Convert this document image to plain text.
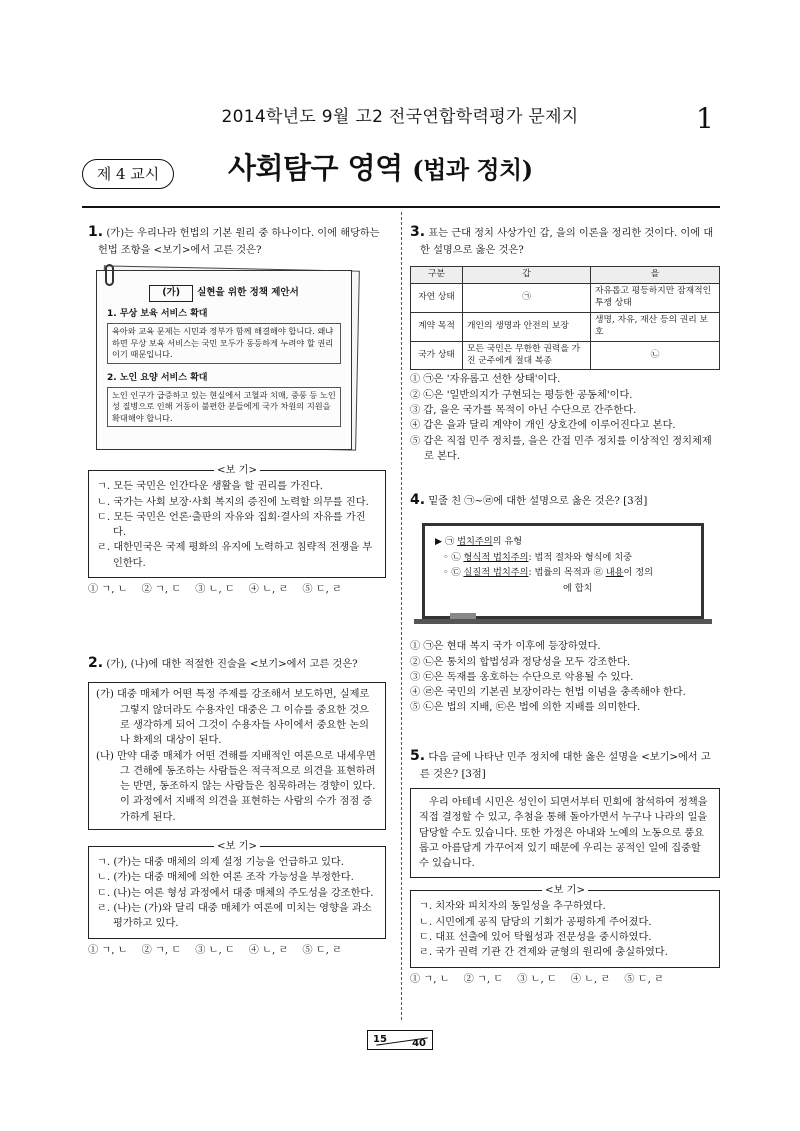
2014학년도 9월 고2 전국연합학력평가 문제지	1
제 4 교시	사회탐구 영역 (법과 정치)
1. (가)는 우리나라 헌법의 기본 원리 중 하나이다. 이에 해당하는 헌법 조항을 <보기>에서 고른 것은?
(가) 실현을 위한 정책 제안서
1. 무상 보육 서비스 확대
육아와 교육 문제는 시민과 정부가 함께 해결해야 합니다. 왜냐하면 무상 보육 서비스는 국민 모두가 동등하게 누려야 할 권리이기 때문입니다.
2. 노인 요양 서비스 확대
노인 인구가 급증하고 있는 현실에서 고혈과 치매, 중풍 등 노인성 질병으로 인해 거동이 불편한 분들에게 국가 차원의 지원을 확대해야 합니다.
<보 기>
ㄱ. 모든 국민은 인간다운 생활을 할 권리를 가진다.
ㄴ. 국가는 사회 보장·사회 복지의 증진에 노력할 의무를 진다.
ㄷ. 모든 국민은 언론·출판의 자유와 집회·결사의 자유를 가진다.
ㄹ. 대한민국은 국제 평화의 유지에 노력하고 침략적 전쟁을 부인한다.
① ㄱ, ㄴ ② ㄱ, ㄷ ③ ㄴ, ㄷ ④ ㄴ, ㄹ ⑤ ㄷ, ㄹ
2. (가), (나)에 대한 적절한 진술을 <보기>에서 고른 것은?
(가) 대중 매체가 어떤 특정 주제를 강조해서 보도하면, 실제로 그렇지 않더라도 수용자인 대중은 그 이슈를 중요한 것으로 생각하게 되어 그것이 수용자들 사이에서 중요한 논의나 화제의 대상이 된다.
(나) 만약 대중 매체가 어떤 견해를 지배적인 여론으로 내세우면 그 견해에 동조하는 사람들은 적극적으로 의견을 표현하려는 반면, 동조하지 않는 사람들은 침묵하려는 경향이 있다. 이 과정에서 지배적 의견을 표현하는 사람의 수가 점점 증가하게 된다.
<보 기>
ㄱ. (가)는 대중 매체의 의제 설정 기능을 언급하고 있다.
ㄴ. (가)는 대중 매체에 의한 여론 조작 가능성을 부정한다.
ㄷ. (나)는 여론 형성 과정에서 대중 매체의 주도성을 강조한다.
ㄹ. (나)는 (가)와 달리 대중 매체가 여론에 미치는 영향을 과소평가하고 있다.
① ㄱ, ㄴ ② ㄱ, ㄷ ③ ㄴ, ㄷ ④ ㄴ, ㄹ ⑤ ㄷ, ㄹ
3. 표는 근대 정치 사상가인 갑, 을의 이론을 정리한 것이다. 이에 대한 설명으로 옳은 것은?
구분	갑	을
자연 상태	㉠	자유롭고 평등하지만 잠재적인 투쟁 상태
계약 목적	개인의 생명과 안전의 보장	생명, 자유, 재산 등의 권리 보호
국가 상태	모든 국민은 무한한 권력을 가진 군주에게 절대 복종	㉡
① ㉠은 '자유롭고 선한 상태'이다.
② ㉡은 '일반의지가 구현되는 평등한 공동체'이다.
③ 갑, 을은 국가를 목적이 아닌 수단으로 간주한다.
④ 갑은 을과 달리 계약이 개인 상호간에 이루어진다고 본다.
⑤ 갑은 직접 민주 정치를, 을은 간접 민주 정치를 이상적인 정치체제로 본다.
4. 밑줄 친 ㉠~㉣에 대한 설명으로 옳은 것은? [3점]
▶ ㉠ 법치주의의 유형
◦ ㉡ 형식적 법치주의: 법적 절차와 형식에 치중
◦ ㉢ 실질적 법치주의: 법률의 목적과 ㉣ 내용이 정의
에 합치
① ㉠은 현대 복지 국가 이후에 등장하였다.
② ㉡은 통치의 합법성과 정당성을 모두 강조한다.
③ ㉢은 독재를 옹호하는 수단으로 악용될 수 있다.
④ ㉣은 국민의 기본권 보장이라는 헌법 이념을 충족해야 한다.
⑤ ㉡은 법의 지배, ㉢은 법에 의한 지배를 의미한다.
5. 다음 글에 나타난 민주 정치에 대한 옳은 설명을 <보기>에서 고른 것은? [3점]
우리 아테네 시민은 성인이 되면서부터 민회에 참석하여 정책을 직접 결정할 수 있고, 추첨을 통해 돌아가면서 누구나 나라의 일을 담당할 수도 있습니다. 또한 가정은 아내와 노예의 노동으로 풍요롭고 아름답게 가꾸어져 있기 때문에 우리는 공적인 일에 집중할 수 있습니다.
<보 기>
ㄱ. 치자와 피치자의 동일성을 추구하였다.
ㄴ. 시민에게 공직 담당의 기회가 공평하게 주어졌다.
ㄷ. 대표 선출에 있어 탁월성과 전문성을 중시하였다.
ㄹ. 국가 권력 기관 간 견제와 균형의 원리에 충실하였다.
① ㄱ, ㄴ ② ㄱ, ㄷ ③ ㄴ, ㄷ ④ ㄴ, ㄹ ⑤ ㄷ, ㄹ
15	40
